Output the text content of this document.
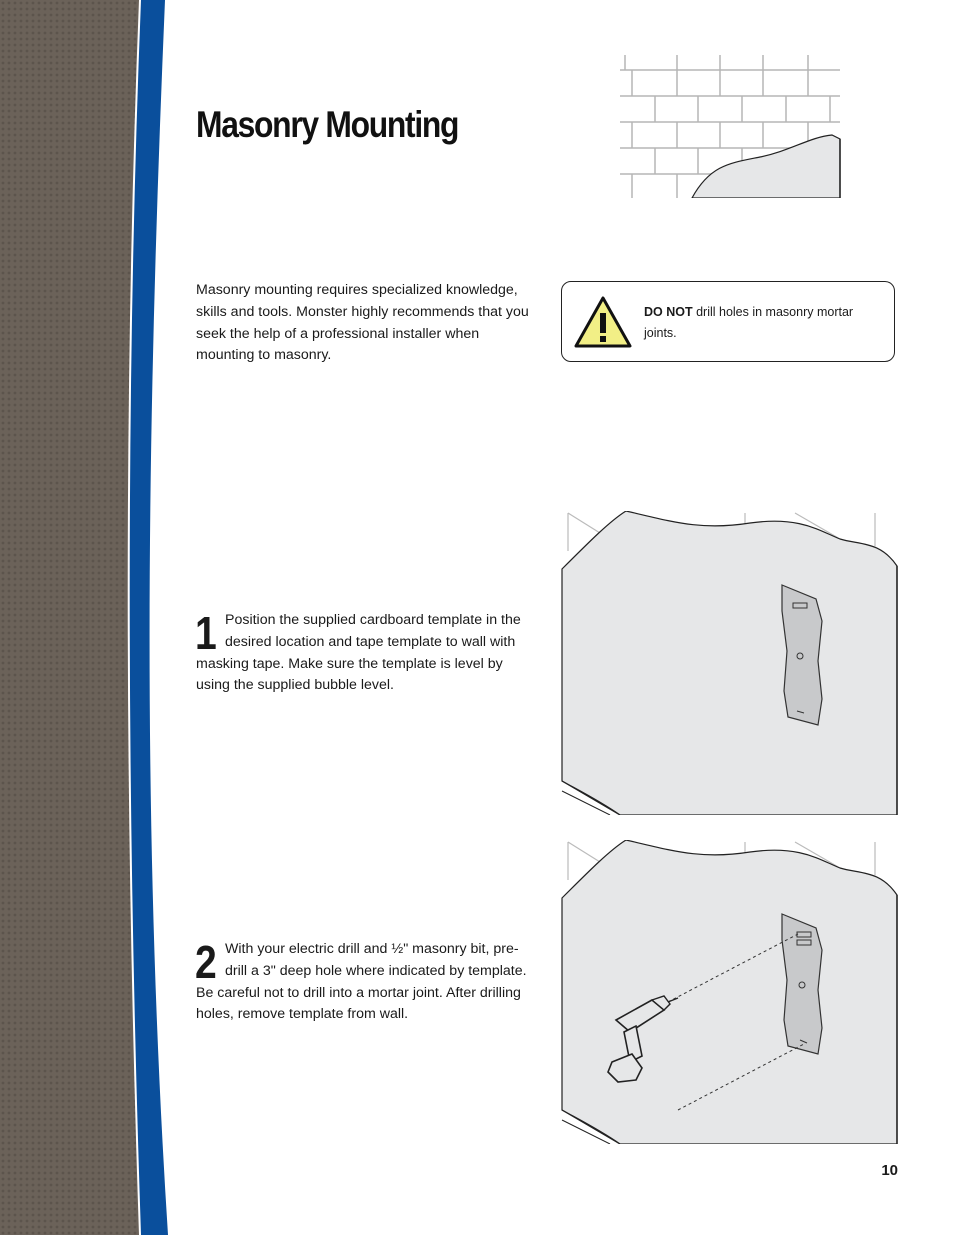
Masonry Mounting

Masonry mounting requires specialized knowledge, skills and tools. Monster highly recommends that you seek the help of a professional installer when mounting to masonry.

DO NOT drill holes in masonry mortar joints.

1 Position the supplied cardboard template in the desired location and tape template to wall with masking tape. Make sure the template is level by using the supplied bubble level.
2 With your electric drill and ½" masonry bit, pre-drill a 3" deep hole where indicated by template. Be careful not to drill into a mortar joint. After drilling holes, remove template from wall.
10
